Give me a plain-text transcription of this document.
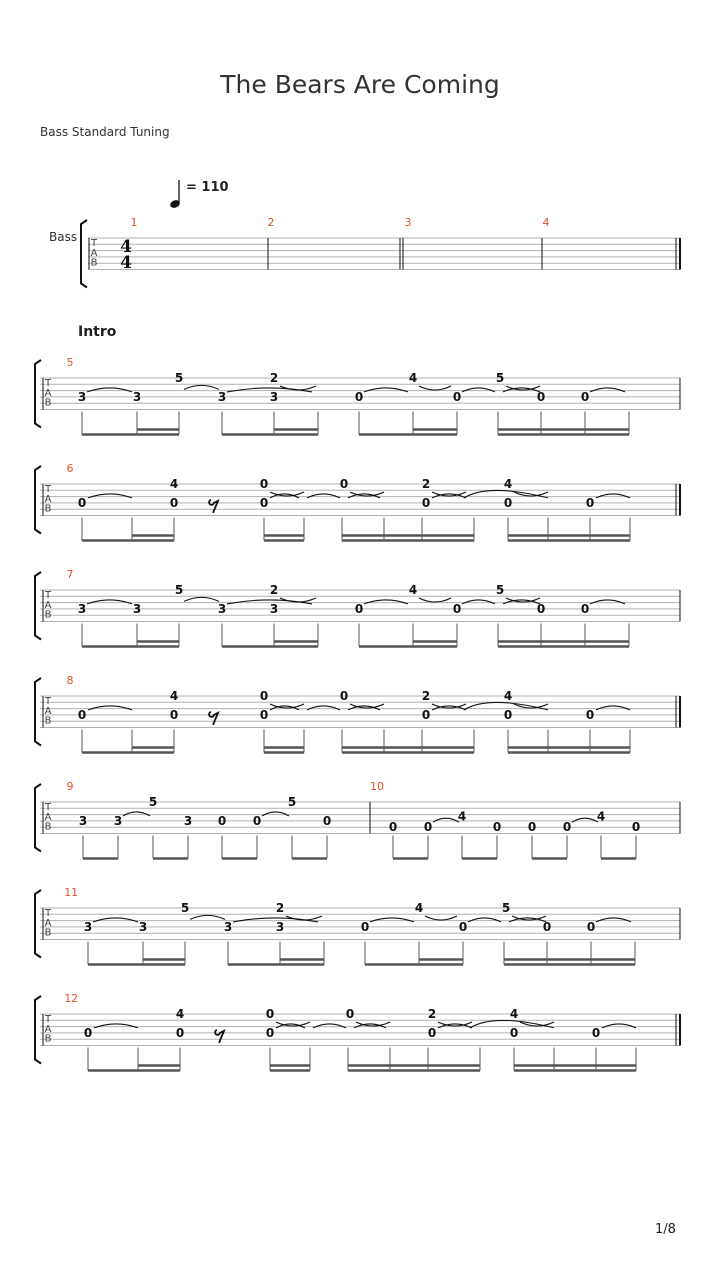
The Bears Are Coming
Bass Standard Tuning
= 110
Intro
Bass T
A
B
4
4
1	2	3	4
T
A
B
5
3	3
5
3
2
3	0
4
0
5
0	0
T
A
B
6
0
4
0
0
0
0
0
2
0
4
0
T
A
B
7
3	3
5
3
2
3	0
4
0
5
0	0
T
A
B
8
0
4
0
0
0
0
0
2
0
4
0
T
A
B
9	10
3 3
5
3 0 0
5
0	0 0
4
0 0 0
4
0
T
A
B
11
3	3
5
3
2
3	0
4
0
5
0	0
T
A
B
12
0
4
0
0
0
0
0
2
0
4
0
1/8
